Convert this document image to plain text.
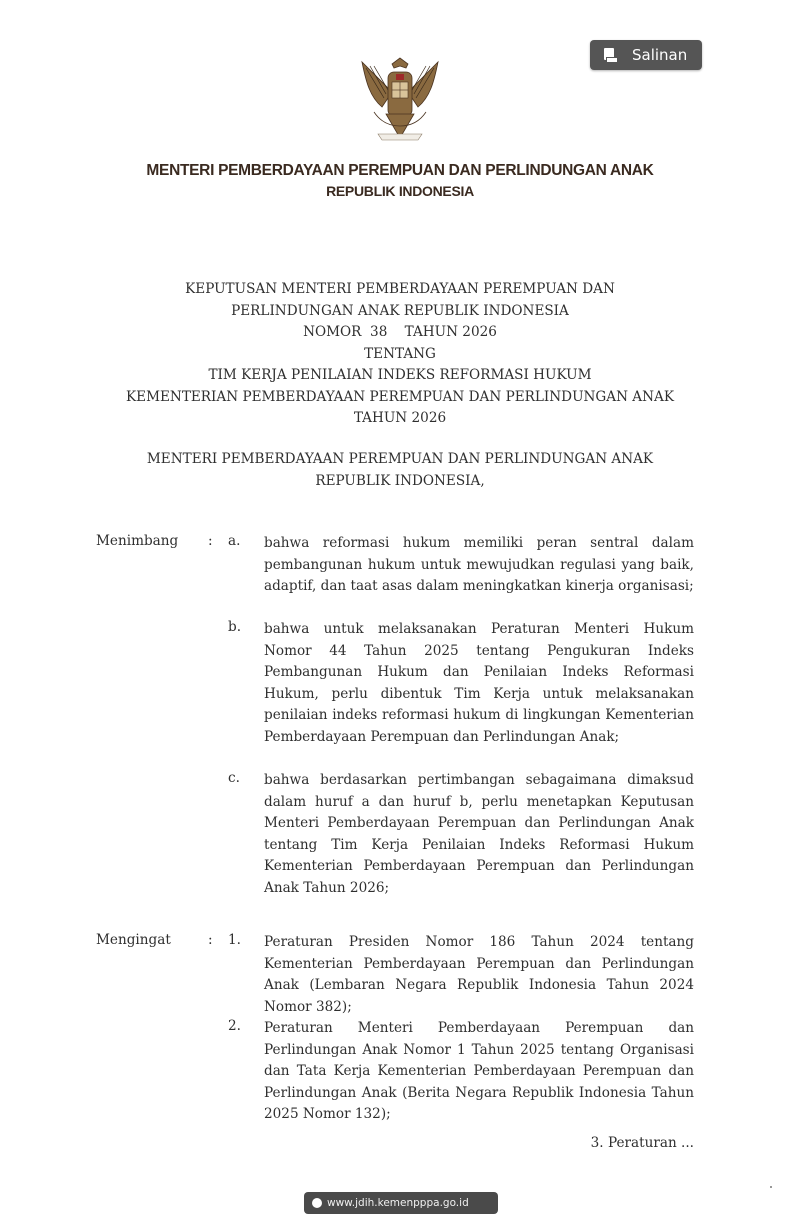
Salinan
MENTERI PEMBERDAYAAN PEREMPUAN DAN PERLINDUNGAN ANAK
REPUBLIK INDONESIA
KEPUTUSAN MENTERI PEMBERDAYAAN PEREMPUAN DAN
PERLINDUNGAN ANAK REPUBLIK INDONESIA
NOMOR  38    TAHUN 2026
TENTANG
TIM KERJA PENILAIAN INDEKS REFORMASI HUKUM
KEMENTERIAN PEMBERDAYAAN PEREMPUAN DAN PERLINDUNGAN ANAK
TAHUN 2026
MENTERI PEMBERDAYAAN PEREMPUAN DAN PERLINDUNGAN ANAK
REPUBLIK INDONESIA,
Menimbang : a. bahwa reformasi hukum memiliki peran sentral dalam pembangunan hukum untuk mewujudkan regulasi yang baik, adaptif, dan taat asas dalam meningkatkan kinerja organisasi;
b. bahwa untuk melaksanakan Peraturan Menteri Hukum Nomor 44 Tahun 2025 tentang Pengukuran Indeks Pembangunan Hukum dan Penilaian Indeks Reformasi Hukum, perlu dibentuk Tim Kerja untuk melaksanakan penilaian indeks reformasi hukum di lingkungan Kementerian Pemberdayaan Perempuan dan Perlindungan Anak;
c. bahwa berdasarkan pertimbangan sebagaimana dimaksud dalam huruf a dan huruf b, perlu menetapkan Keputusan Menteri Pemberdayaan Perempuan dan Perlindungan Anak tentang Tim Kerja Penilaian Indeks Reformasi Hukum Kementerian Pemberdayaan Perempuan dan Perlindungan Anak Tahun 2026;
Mengingat	: 1. Peraturan Presiden Nomor 186 Tahun 2024 tentang Kementerian Pemberdayaan Perempuan dan Perlindungan Anak (Lembaran Negara Republik Indonesia Tahun 2024 Nomor 382);
2. Peraturan Menteri Pemberdayaan Perempuan dan Perlindungan Anak Nomor 1 Tahun 2025 tentang Organisasi dan Tata Kerja Kementerian Pemberdayaan Perempuan dan Perlindungan Anak (Berita Negara Republik Indonesia Tahun 2025 Nomor 132);
3. Peraturan ...
www.jdih.kemenpppa.go.id
